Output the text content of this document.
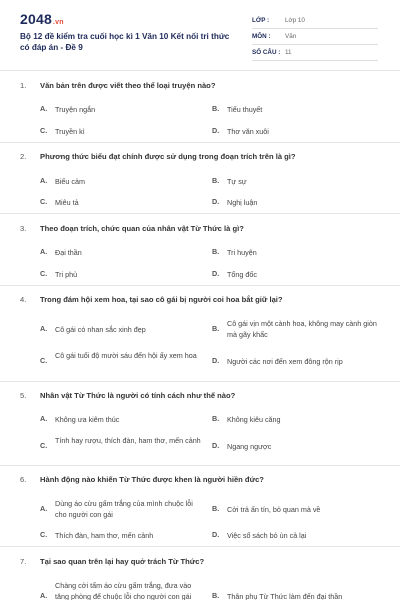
2048.vn
Bộ 12 đề kiểm tra cuối học kì 1 Văn 10 Kết nối tri thức có đáp án - Đề 9
LỚP :	Lớp 10
MÔN : Văn
SỐ CÂU : 11
1. Văn bản trên được viết theo thể loại truyện nào?
A. Truyện ngắn	B. Tiểu thuyết
C. Truyền kì	D. Thơ văn xuôi
2. Phương thức biểu đạt chính được sử dụng trong đoạn trích trên là gì?
A. Biểu cảm	B. Tự sự
C. Miêu tả	D. Nghị luận
3. Theo đoạn trích, chức quan của nhân vật Từ Thức là gì?
A. Đại thần	B. Tri huyện
C. Tri phủ	D. Tổng đốc
4. Trong đám hội xem hoa, tại sao cô gái bị người coi hoa bắt giữ lại?
A. Cô gái có nhan sắc xinh đẹp	B.
Cô gái vịn một cành hoa, không may cành giòn mà gãy khấc
C.
Cô gái tuổi độ mười sáu đến hội ấy xem hoa
D. Người các nơi đến xem đông rộn rịp
5. Nhân vật Từ Thức là người có tính cách như thế nào?
A. Không ưa kiêm thúc	B. Không kiêu căng
C.
Tính hay rượu, thích đàn, ham thơ, mến cảnh
D. Ngang ngược
6. Hành động nào khiến Từ Thức được khen là người hiền đức?
A.
Dùng áo cừu gấm trắng của mình chuộc lỗi cho người con gái
B. Cởi trả ấn tín, bỏ quan mà về
C. Thích đàn, ham thơ, mến cảnh	D. Việc sổ sách bỏ ùn cả lại
7. Tại sao quan trên lại hay quở trách Từ Thức?
A.
Chàng cởi tấm áo cừu gấm trắng, đưa vào tăng phòng để chuộc lỗi cho người con gái	B. Thân phụ Từ Thức làm đến đại thần
